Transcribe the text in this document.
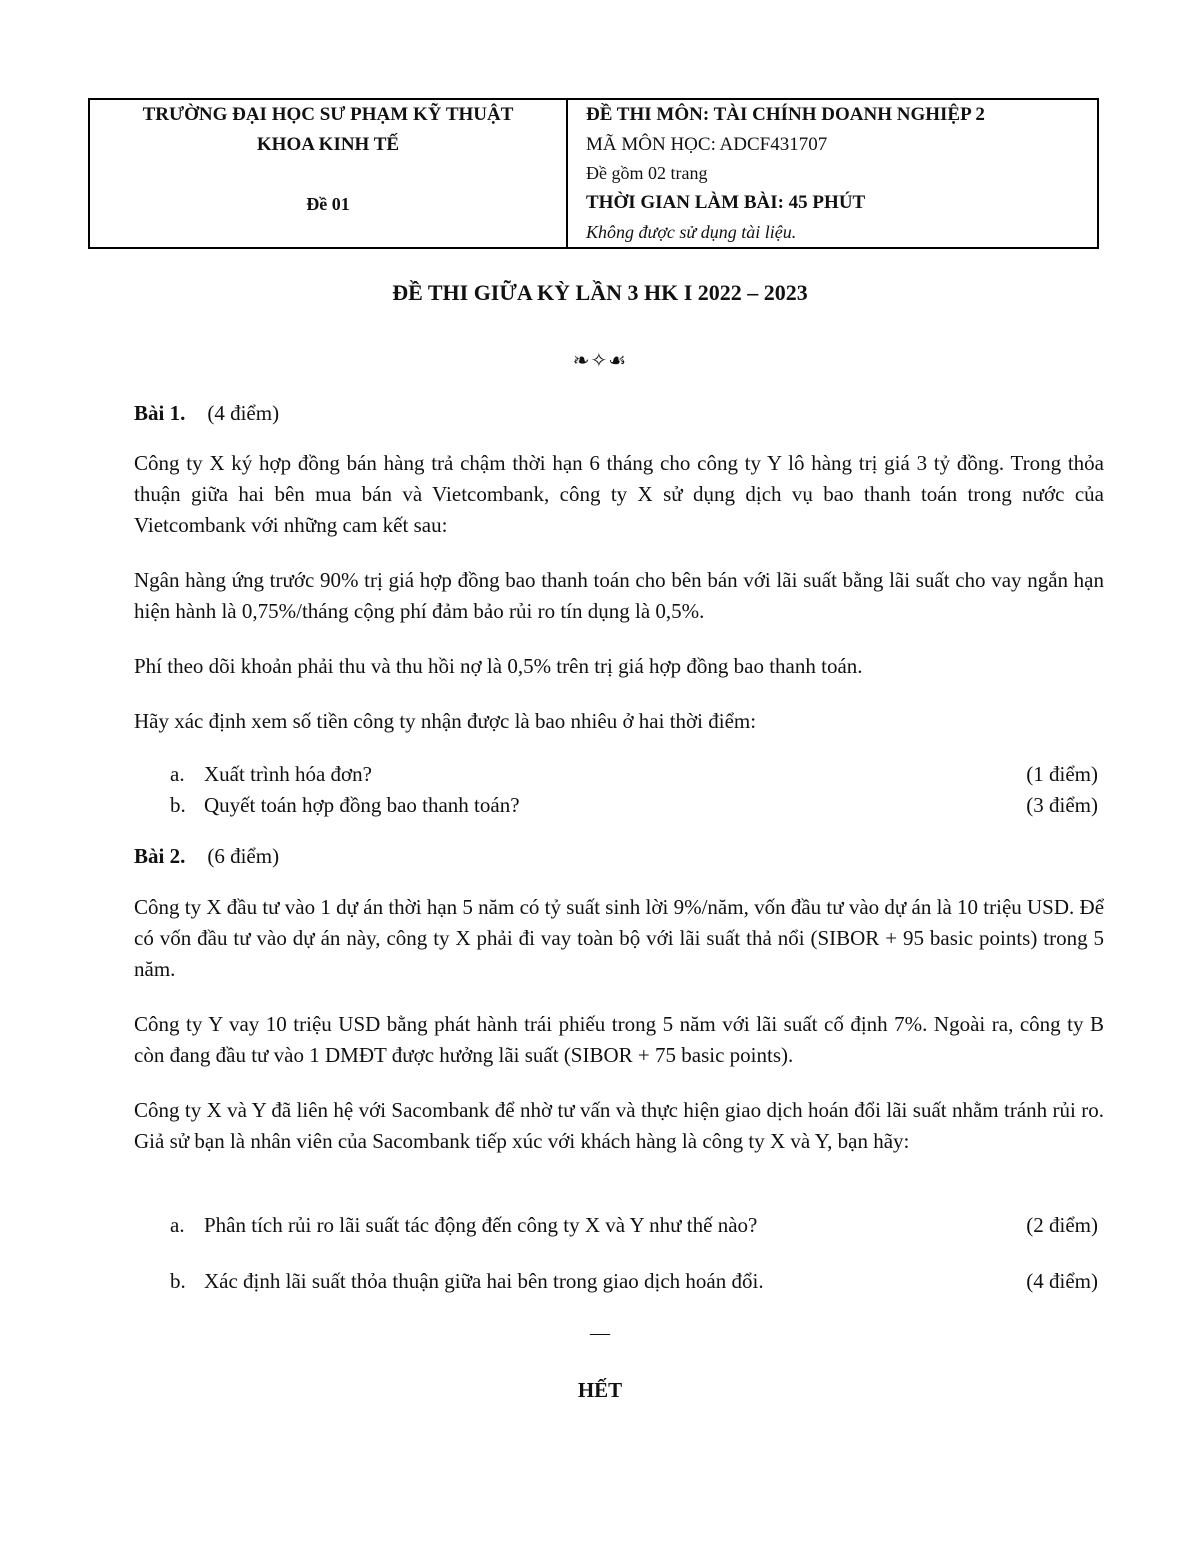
TRƯỜNG ĐẠI HỌC SƯ PHẠM KỸ THUẬT
KHOA KINH TẾ
Đề 01
ĐỀ THI MÔN: TÀI CHÍNH DOANH NGHIỆP 2
MÃ MÔN HỌC: ADCF431707
Đề gồm 02 trang
THỜI GIAN LÀM BÀI: 45 PHÚT
Không được sử dụng tài liệu.
ĐỀ THI GIỮA KỲ LẦN 3 HK I 2022 – 2023
❧✧☙
Bài 1. (4 điểm)
Công ty X ký hợp đồng bán hàng trả chậm thời hạn 6 tháng cho công ty Y lô hàng trị giá 3 tỷ đồng. Trong thỏa thuận giữa hai bên mua bán và Vietcombank, công ty X sử dụng dịch vụ bao thanh toán trong nước của Vietcombank với những cam kết sau:
Ngân hàng ứng trước 90% trị giá hợp đồng bao thanh toán cho bên bán với lãi suất bằng lãi suất cho vay ngắn hạn hiện hành là 0,75%/tháng cộng phí đảm bảo rủi ro tín dụng là 0,5%.
Phí theo dõi khoản phải thu và thu hồi nợ là 0,5% trên trị giá hợp đồng bao thanh toán.
Hãy xác định xem số tiền công ty nhận được là bao nhiêu ở hai thời điểm:
a. Xuất trình hóa đơn?	(1 điểm)
b. Quyết toán hợp đồng bao thanh toán?	(3 điểm)
Bài 2. (6 điểm)
Công ty X đầu tư vào 1 dự án thời hạn 5 năm có tỷ suất sinh lời 9%/năm, vốn đầu tư vào dự án là 10 triệu USD. Để có vốn đầu tư vào dự án này, công ty X phải đi vay toàn bộ với lãi suất thả nổi (SIBOR + 95 basic points) trong 5 năm.
Công ty Y vay 10 triệu USD bằng phát hành trái phiếu trong 5 năm với lãi suất cố định 7%. Ngoài ra, công ty B còn đang đầu tư vào 1 DMĐT được hưởng lãi suất (SIBOR + 75 basic points).
Công ty X và Y đã liên hệ với Sacombank để nhờ tư vấn và thực hiện giao dịch hoán đổi lãi suất nhằm tránh rủi ro. Giả sử bạn là nhân viên của Sacombank tiếp xúc với khách hàng là công ty X và Y, bạn hãy:
a. Phân tích rủi ro lãi suất tác động đến công ty X và Y như thế nào?	(2 điểm)
b. Xác định lãi suất thỏa thuận giữa hai bên trong giao dịch hoán đổi.	(4 điểm)
—
HẾT
